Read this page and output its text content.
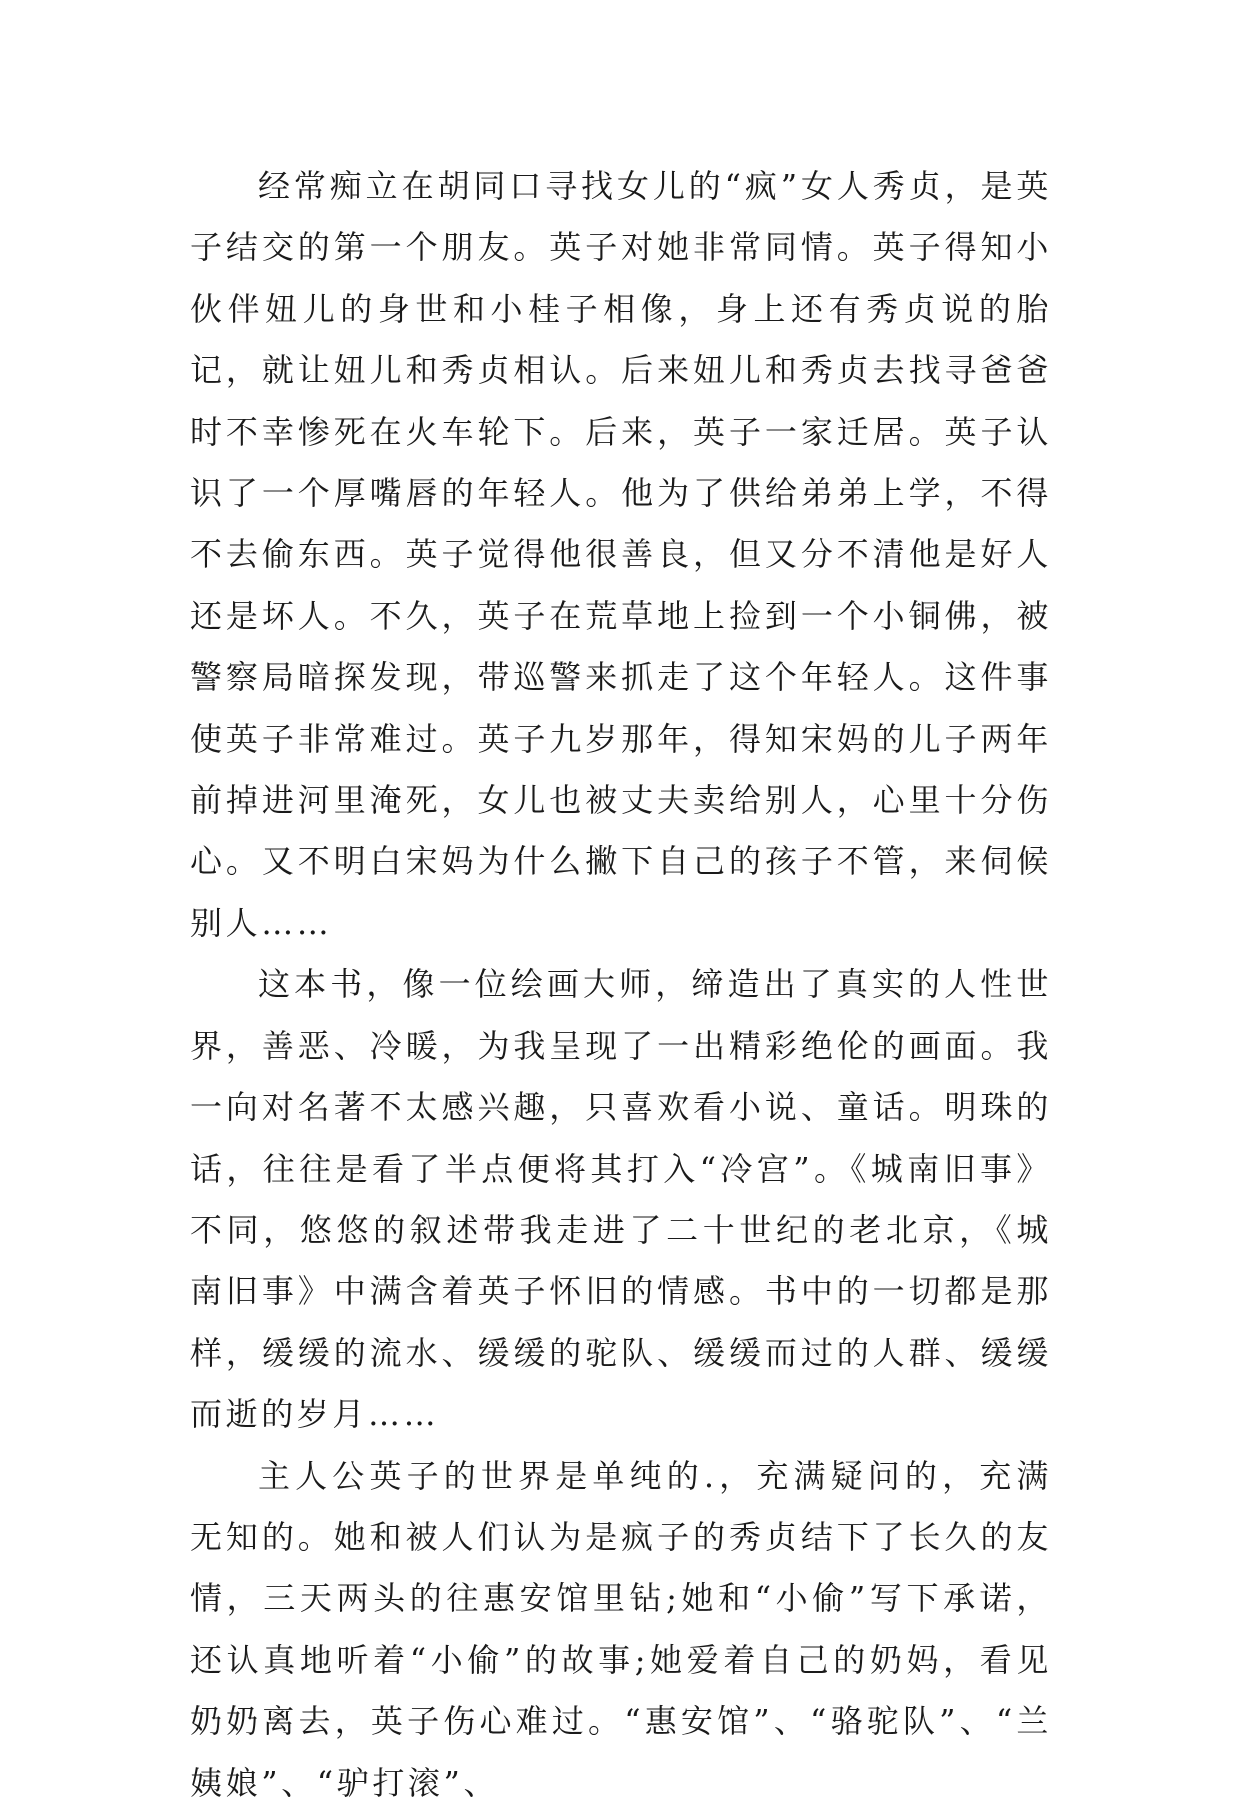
经常痴立在胡同口寻找女儿的“疯”女人秀贞，是英子结交的第一个朋友。英子对她非常同情。英子得知小伙伴妞儿的身世和小桂子相像，身上还有秀贞说的胎记，就让妞儿和秀贞相认。后来妞儿和秀贞去找寻爸爸时不幸惨死在火车轮下。后来，英子一家迁居。英子认识了一个厚嘴唇的年轻人。他为了供给弟弟上学，不得不去偷东西。英子觉得他很善良，但又分不清他是好人还是坏人。不久，英子在荒草地上捡到一个小铜佛，被警察局暗探发现，带巡警来抓走了这个年轻人。这件事使英子非常难过。英子九岁那年，得知宋妈的儿子两年前掉进河里淹死，女儿也被丈夫卖给别人，心里十分伤心。又不明白宋妈为什么撇下自己的孩子不管，来伺候别人……

这本书，像一位绘画大师，缔造出了真实的人性世界，善恶、冷暖，为我呈现了一出精彩绝伦的画面。我一向对名著不太感兴趣，只喜欢看小说、童话。明珠的话，往往是看了半点便将其打入“冷宫”。《城南旧事》不同，悠悠的叙述带我走进了二十世纪的老北京，《城南旧事》中满含着英子怀旧的情感。书中的一切都是那样，缓缓的流水、缓缓的驼队、缓缓而过的人群、缓缓而逝的岁月……

主人公英子的世界是单纯的.，充满疑问的，充满无知的。她和被人们认为是疯子的秀贞结下了长久的友情，三天两头的往惠安馆里钻;她和“小偷”写下承诺，还认真地听着“小偷”的故事;她爱着自己的奶妈，看见奶奶离去，英子伤心难过。“惠安馆”、“骆驼队”、“兰姨娘”、“驴打滚”、
